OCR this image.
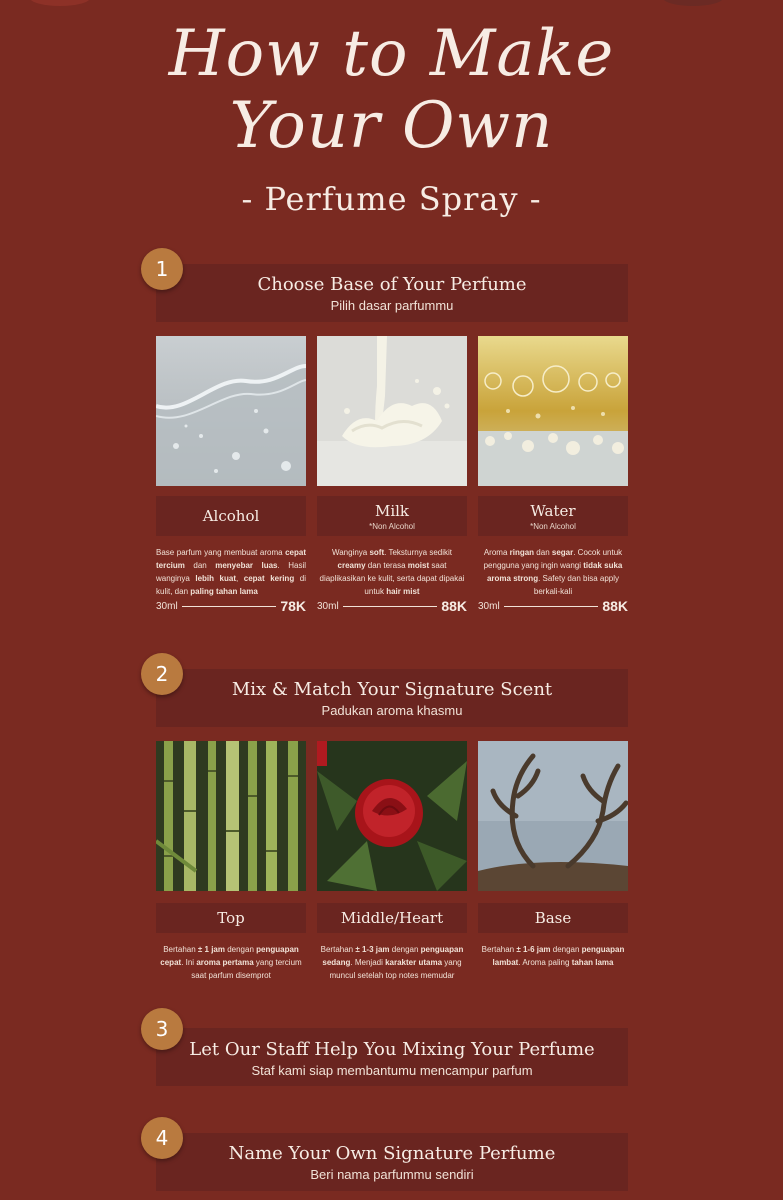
How to Make
Your Own
- Perfume Spray -
Choose Base of Your Perfume
Pilih dasar parfummu
1
Alcohol
Base parfum yang membuat aroma cepat tercium dan menyebar luas. Hasil wanginya lebih kuat, cepat kering di kulit, dan paling tahan lama
30ml	78K
Milk
*Non Alcohol
Wanginya soft. Teksturnya sedikit creamy dan terasa moist saat diaplikasikan ke kulit, serta dapat dipakai untuk hair mist
30ml	88K
Water
*Non Alcohol
Aroma ringan dan segar. Cocok untuk pengguna yang ingin wangi tidak suka aroma strong. Safety dan bisa apply berkali-kali
30ml	88K
Mix & Match Your Signature Scent
Padukan aroma khasmu
2
Top
Bertahan ± 1 jam dengan penguapan cepat. Ini aroma pertama yang tercium saat parfum disemprot
Middle/Heart
Bertahan ± 1-3 jam dengan penguapan sedang. Menjadi karakter utama yang muncul setelah top notes memudar
Base
Bertahan ± 1-6 jam dengan penguapan lambat. Aroma paling tahan lama
Let Our Staff Help You Mixing Your Perfume
Staf kami siap membantumu mencampur parfum
3
Name Your Own Signature Perfume
Beri nama parfummu sendiri
4
